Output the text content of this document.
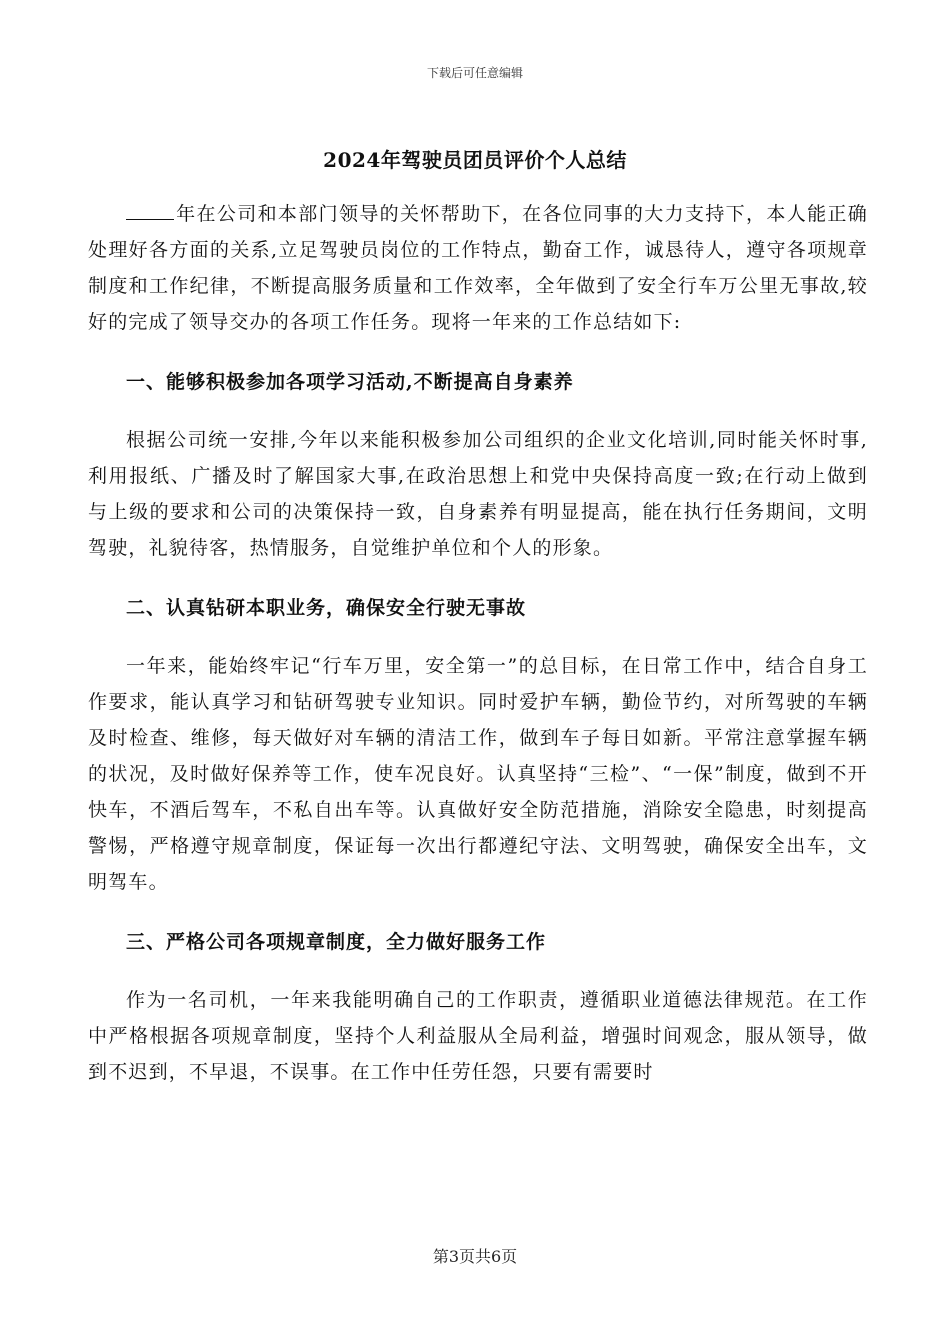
下载后可任意编辑
2024年驾驶员团员评价个人总结

年在公司和本部门领导的关怀帮助下，在各位同事的大力支持下，本人能正确处理好各方面的关系,立足驾驶员岗位的工作特点，勤奋工作，诚恳待人，遵守各项规章制度和工作纪律，不断提高服务质量和工作效率，全年做到了安全行车万公里无事故,较好的完成了领导交办的各项工作任务。现将一年来的工作总结如下:

一、能够积极参加各项学习活动,不断提高自身素养

根据公司统一安排,今年以来能积极参加公司组织的企业文化培训,同时能关怀时事,利用报纸、广播及时了解国家大事,在政治思想上和党中央保持高度一致;在行动上做到与上级的要求和公司的决策保持一致，自身素养有明显提高，能在执行任务期间，文明驾驶，礼貌待客，热情服务，自觉维护单位和个人的形象。

二、认真钻研本职业务，确保安全行驶无事故

一年来，能始终牢记“行车万里，安全第一”的总目标，在日常工作中，结合自身工作要求，能认真学习和钻研驾驶专业知识。同时爱护车辆，勤俭节约，对所驾驶的车辆及时检查、维修，每天做好对车辆的清洁工作，做到车子每日如新。平常注意掌握车辆的状况，及时做好保养等工作，使车况良好。认真坚持“三检”、“一保”制度，做到不开快车，不酒后驾车，不私自出车等。认真做好安全防范措施，消除安全隐患，时刻提高警惕，严格遵守规章制度，保证每一次出行都遵纪守法、文明驾驶，确保安全出车，文明驾车。

三、严格公司各项规章制度，全力做好服务工作

作为一名司机，一年来我能明确自己的工作职责，遵循职业道德法律规范。在工作中严格根据各项规章制度，坚持个人利益服从全局利益，增强时间观念，服从领导，做到不迟到，不早退，不误事。在工作中任劳任怨，只要有需要时

第3页共6页
